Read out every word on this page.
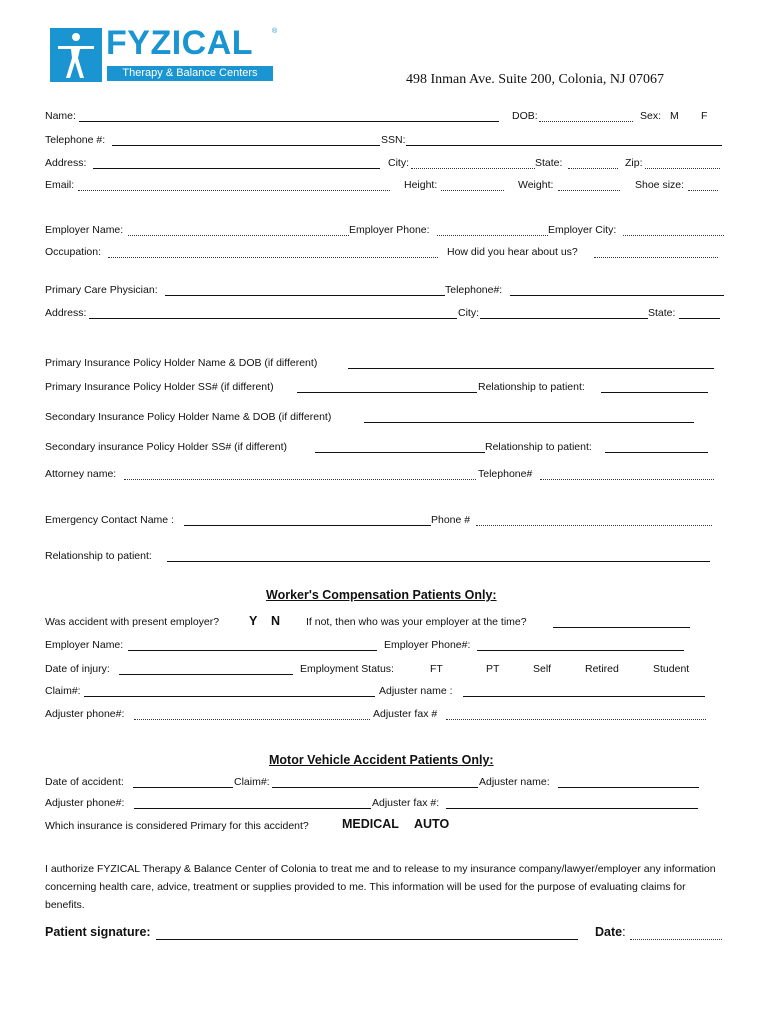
FYZICAL	®
Therapy & Balance Centers	498 Inman Ave. Suite 200, Colonia, NJ 07067
Name:	DOB:	Sex: M F
Telephone #:	SSN:
Address:	City:	State:	Zip:
Email:	Height:	Weight:	Shoe size:
Employer Name:	Employer Phone:	Employer City:
Occupation:	How did you hear about us?
Primary Care Physician:	Telephone#:
Address:	City:	State:
Primary Insurance Policy Holder Name & DOB (if different)
Primary Insurance Policy Holder SS# (if different)	Relationship to patient:
Secondary Insurance Policy Holder Name & DOB (if different)
Secondary insurance Policy Holder SS# (if different)	Relationship to patient:
Attorney name:	Telephone#
Emergency Contact Name :	Phone #
Relationship to patient:
Worker's Compensation Patients Only:
Was accident with present employer? Y N If not, then who was your employer at the time?
Employer Name:	Employer Phone#:
Date of injury:	Employment Status:	FT	PT	Self	Retired	Student
Claim#:	Adjuster name :
Adjuster phone#:	Adjuster fax #
Motor Vehicle Accident Patients Only:
Date of accident:	Claim#:	Adjuster name:
Adjuster phone#:	Adjuster fax #:
Which insurance is considered Primary for this accident?	MEDICAL AUTO
I authorize FYZICAL Therapy & Balance Center of Colonia to treat me and to release to my insurance company/lawyer/employer any information concerning health care, advice, treatment or supplies provided to me. This information will be used for the purpose of evaluating claims for benefits.
Patient signature:	Date:
